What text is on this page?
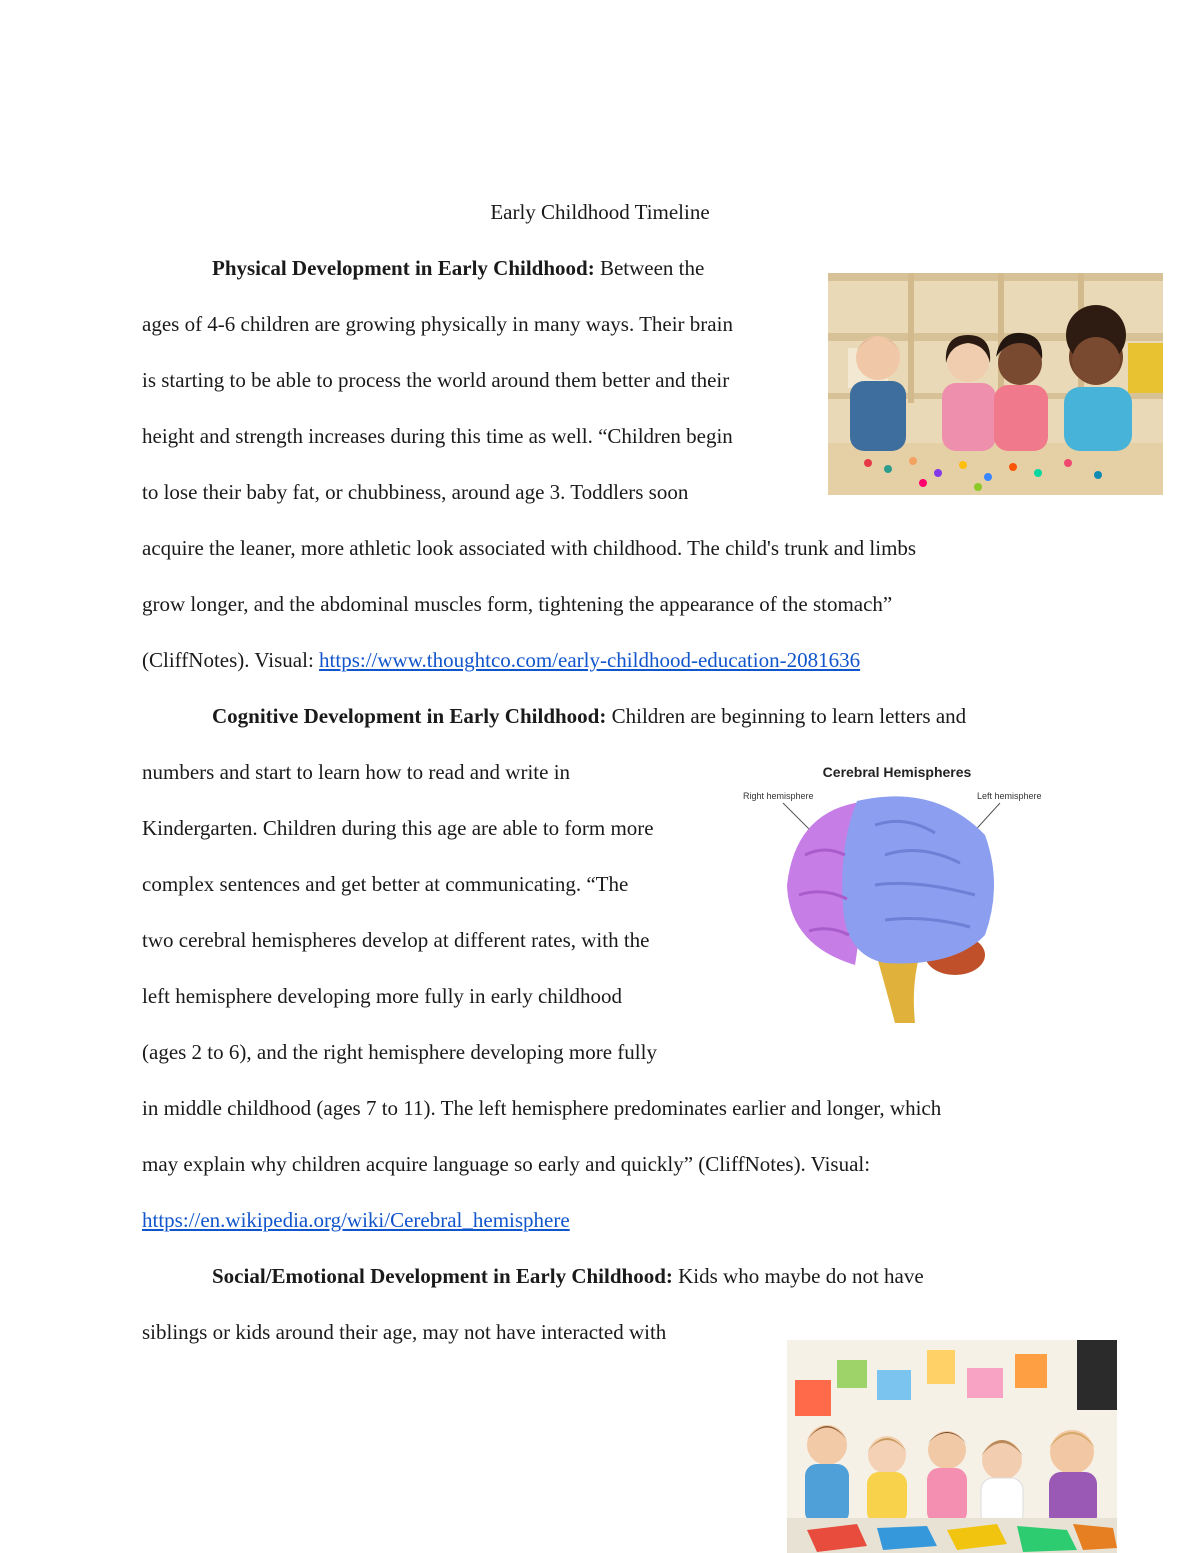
Early Childhood Timeline
Physical Development in Early Childhood: Between the
ages of 4-6 children are growing physically in many ways. Their brain
is starting to be able to process the world around them better and their
height and strength increases during this time as well. “Children begin
to lose their baby fat, or chubbiness, around age 3. Toddlers soon
acquire the leaner, more athletic look associated with childhood. The child's trunk and limbs
grow longer, and the abdominal muscles form, tightening the appearance of the stomach”
(CliffNotes). Visual: https://www.thoughtco.com/early-childhood-education-2081636
Cognitive Development in Early Childhood: Children are beginning to learn letters and
numbers and start to learn how to read and write in
Kindergarten. Children during this age are able to form more
complex sentences and get better at communicating. “The
two cerebral hemispheres develop at different rates, with the
left hemisphere developing more fully in early childhood
(ages 2 to 6), and the right hemisphere developing more fully
in middle childhood (ages 7 to 11). The left hemisphere predominates earlier and longer, which
may explain why children acquire language so early and quickly” (CliffNotes). Visual:
https://en.wikipedia.org/wiki/Cerebral_hemisphere
Social/Emotional Development in Early Childhood: Kids who maybe do not have
siblings or kids around their age, may not have interacted with
Cerebral Hemispheres
Right hemisphere	Left hemisphere
